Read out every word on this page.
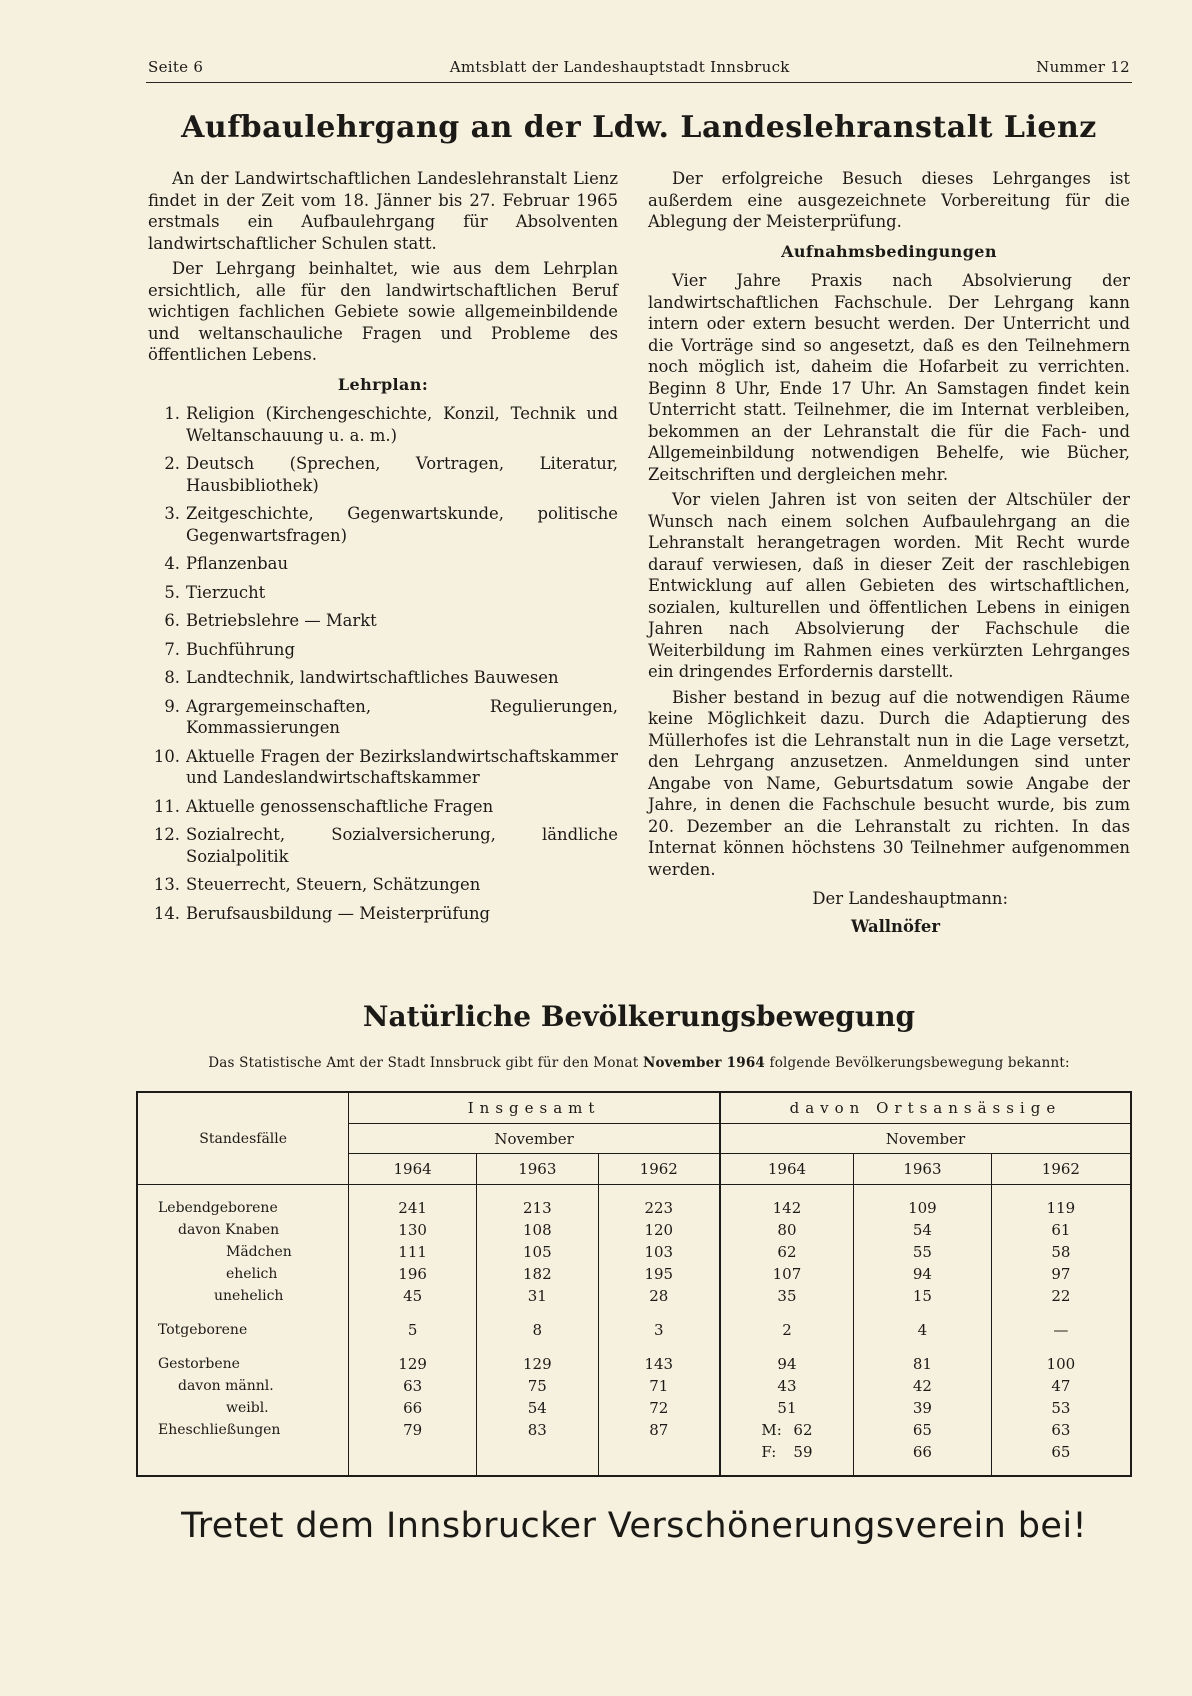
Seite 6	Amtsblatt der Landeshauptstadt Innsbruck	Nummer 12
Aufbaulehrgang an der Ldw. Landeslehranstalt Lienz

An der Landwirtschaftlichen Landeslehranstalt Lienz findet in der Zeit vom 18. Jänner bis 27. Februar 1965 erstmals ein Aufbaulehrgang für Absolventen landwirtschaftlicher Schulen statt.

Der Lehrgang beinhaltet, wie aus dem Lehrplan ersichtlich, alle für den landwirtschaftlichen Beruf wichtigen fachlichen Gebiete sowie allgemeinbildende und weltanschauliche Fragen und Probleme des öffentlichen Lebens.

Lehrplan:
1. Religion (Kirchengeschichte, Konzil, Technik und Weltanschauung u. a. m.)
2. Deutsch (Sprechen, Vortragen, Literatur, Hausbibliothek)
3. Zeitgeschichte, Gegenwartskunde, politische Gegenwartsfragen)
4. Pflanzenbau
5. Tierzucht
6. Betriebslehre — Markt
7. Buchführung
8. Landtechnik, landwirtschaftliches Bauwesen
9. Agrargemeinschaften, Regulierungen, Kommassierungen
10. Aktuelle Fragen der Bezirkslandwirtschaftskammer und Landeslandwirtschaftskammer
11. Aktuelle genossenschaftliche Fragen
12. Sozialrecht, Sozialversicherung, ländliche Sozialpolitik
13. Steuerrecht, Steuern, Schätzungen
14. Berufsausbildung — Meisterprüfung

Der erfolgreiche Besuch dieses Lehrganges ist außerdem eine ausgezeichnete Vorbereitung für die Ablegung der Meisterprüfung.

Aufnahmsbedingungen

Vier Jahre Praxis nach Absolvierung der landwirtschaftlichen Fachschule. Der Lehrgang kann intern oder extern besucht werden. Der Unterricht und die Vorträge sind so angesetzt, daß es den Teilnehmern noch möglich ist, daheim die Hofarbeit zu verrichten. Beginn 8 Uhr, Ende 17 Uhr. An Samstagen findet kein Unterricht statt. Teilnehmer, die im Internat verbleiben, bekommen an der Lehranstalt die für die Fach- und Allgemeinbildung notwendigen Behelfe, wie Bücher, Zeitschriften und dergleichen mehr.

Vor vielen Jahren ist von seiten der Altschüler der Wunsch nach einem solchen Aufbaulehrgang an die Lehranstalt herangetragen worden. Mit Recht wurde darauf verwiesen, daß in dieser Zeit der raschlebigen Entwicklung auf allen Gebieten des wirtschaftlichen, sozialen, kulturellen und öffentlichen Lebens in einigen Jahren nach Absolvierung der Fachschule die Weiterbildung im Rahmen eines verkürzten Lehrganges ein dringendes Erfordernis darstellt.

Bisher bestand in bezug auf die notwendigen Räume keine Möglichkeit dazu. Durch die Adaptierung des Müllerhofes ist die Lehranstalt nun in die Lage versetzt, den Lehrgang anzusetzen. Anmeldungen sind unter Angabe von Name, Geburtsdatum sowie Angabe der Jahre, in denen die Fachschule besucht wurde, bis zum 20. Dezember an die Lehranstalt zu richten. In das Internat können höchstens 30 Teilnehmer aufgenommen werden.

Der Landeshauptmann:
Wallnöfer
Natürliche Bevölkerungsbewegung
Das Statistische Amt der Stadt Innsbruck gibt für den Monat November 1964 folgende Bevölkerungsbewegung bekannt:
Standesfälle	Insgesamt			davon Ortsansässige		
	November			November		
	1964	1963	1962	1964	1963	1962

Lebendgeborene	241	213	223	142	109	119
davon Knaben	130	108	120	80	54	61
Mädchen	111	105	103	62	55	58
ehelich	196	182	195	107	94	97
unehelich	45	31	28	35	15	22

Totgeborene	5	8	3	2	4	—

Gestorbene	129	129	143	94	81	100
davon männl.	63	75	71	43	42	47
weibl.	66	54	72	51	39	53
Eheschließungen	79	83	87	M: 62	65	63
				F: 59	66	65

Tretet dem Innsbrucker Verschönerungsverein bei!
